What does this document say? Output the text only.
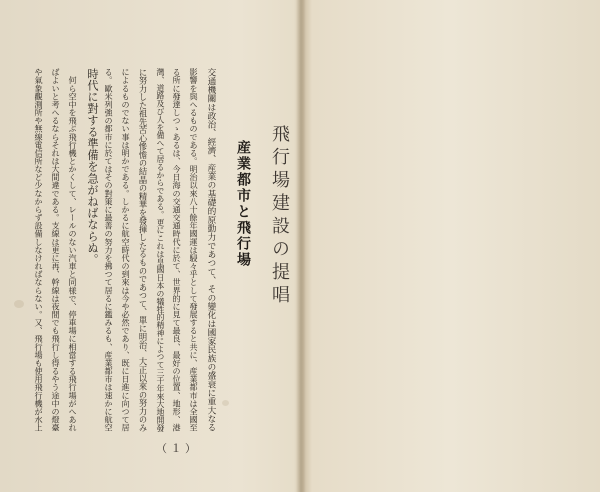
飛行場建設の提唱
産業都市と飛行場
交通機關は政治、經濟、産業の基礎的原動力であつて、その變化は國家民族の盛衰に重大なる
影響を與へるものである。明治以來八十餘年國運は駸々乎として發展すると共に、産業都市は全國至
る所に發達しつゝあるは、今日海の交通交通時代に於て、世界的に見て最良、最好の位置、地形、港
灣、道路及び人を備へて居るからである。更にこれは皇國日本の犠牲的精神によつて三千年來大地開發
に努力した祖先苦心慘憺の結晶の精華を發揮したるものであつて、單に明治、大正以來の努力のみ
によるものでない事は明かである。しかるに航空時代の到來は今や必然であり、既に日進に向つて居
る。歐米列強の都市に於てはその對策に最善の努力を拂つて居るに鑑みるも、産業都市は速かに航空
時代に對する準備を急がねばならぬ。
　何ら空中を飛ぶ飛行機とかくして、レールのない汽車と同様で、停車場に相當する飛行場がへあれ
ばよいと考へるならそれは大間違である。支線は更に再、幹線は夜間でも飛行し得るやう途中の燈臺
や氣象觀測所や無線電信所など少なからず設備しなければならない。又、飛行場も使用飛行機が水上
（ １ ）
